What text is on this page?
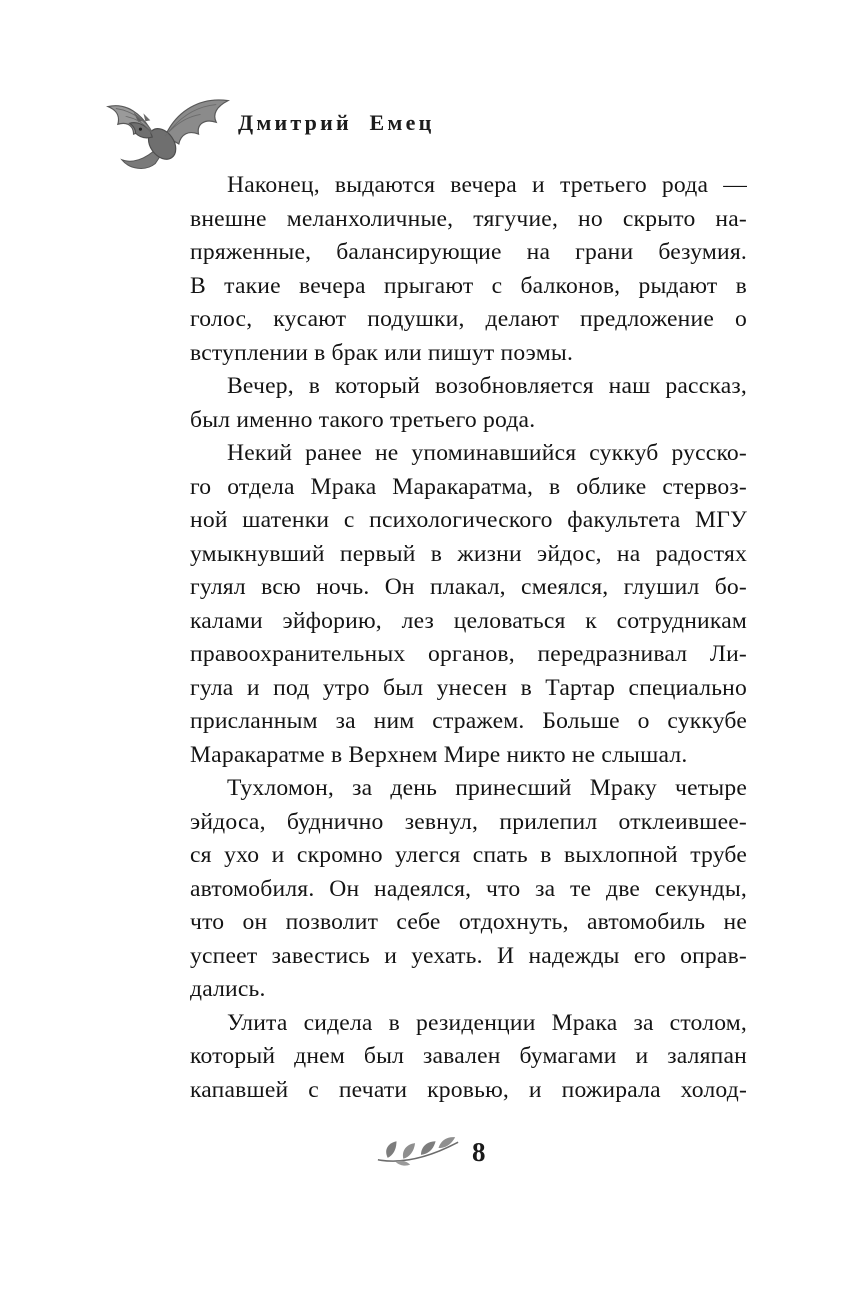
Дмитрий Емец
Наконец, выдаются вечера и третьего рода —
внешне меланхоличные, тягучие, но скрыто на-
пряженные, балансирующие на грани безумия.
В такие вечера прыгают с балконов, рыдают в
голос, кусают подушки, делают предложение о
вступлении в брак или пишут поэмы.
Вечер, в который возобновляется наш рассказ,
был именно такого третьего рода.
Некий ранее не упоминавшийся суккуб русско-
го отдела Мрака Маракаратма, в облике стервоз-
ной шатенки с психологического факультета МГУ
умыкнувший первый в жизни эйдос, на радостях
гулял всю ночь. Он плакал, смеялся, глушил бо-
калами эйфорию, лез целоваться к сотрудникам
правоохранительных органов, передразнивал Ли-
гула и под утро был унесен в Тартар специально
присланным за ним стражем. Больше о суккубе
Маракаратме в Верхнем Мире никто не слышал.
Тухломон, за день принесший Мраку четыре
эйдоса, буднично зевнул, прилепил отклеившее-
ся ухо и скромно улегся спать в выхлопной трубе
автомобиля. Он надеялся, что за те две секунды,
что он позволит себе отдохнуть, автомобиль не
успеет завестись и уехать. И надежды его оправ-
дались.
Улита сидела в резиденции Мрака за столом,
который днем был завален бумагами и заляпан
капавшей с печати кровью, и пожирала холод-
8
